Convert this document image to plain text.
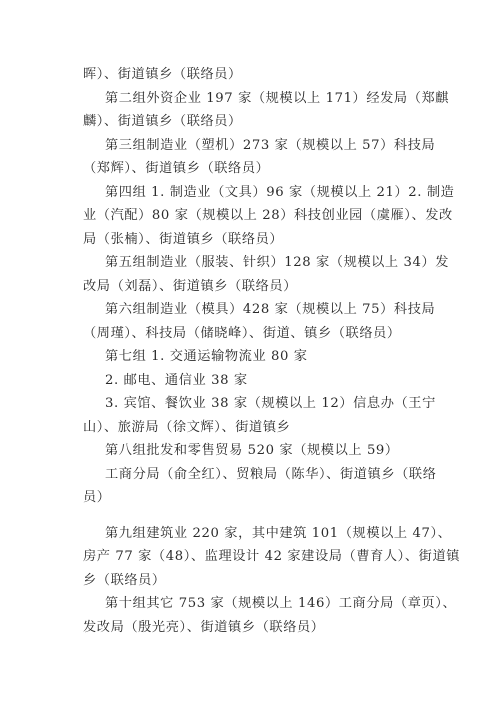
晖）、街道镇乡（联络员）
第二组外资企业 197 家（规模以上 171）经发局（郑麒
麟）、街道镇乡（联络员）
第三组制造业（塑机）273 家（规模以上 57）科技局
（郑辉）、街道镇乡（联络员）
第四组 1. 制造业（文具）96 家（规模以上 21）2. 制造
业（汽配）80 家（规模以上 28）科技创业园（虞雁）、发改
局（张楠）、街道镇乡（联络员）
第五组制造业（服装、针织）128 家（规模以上 34）发
改局（刘磊）、街道镇乡（联络员）
第六组制造业（模具）428 家（规模以上 75）科技局
（周瑾）、科技局（储晓峰）、街道、镇乡（联络员）
第七组 1. 交通运输物流业 80 家
2. 邮电、通信业 38 家
3. 宾馆、餐饮业 38 家（规模以上 12）信息办（王宁
山）、旅游局（徐文辉）、街道镇乡
第八组批发和零售贸易 520 家（规模以上 59）
工商分局（俞全红）、贸粮局（陈华）、街道镇乡（联络
员）
第九组建筑业 220 家，其中建筑 101（规模以上 47）、
房产 77 家（48）、监理设计 42 家建设局（曹育人）、街道镇
乡（联络员）
第十组其它 753 家（规模以上 146）工商分局（章页）、
发改局（殷光亮）、街道镇乡（联络员）
